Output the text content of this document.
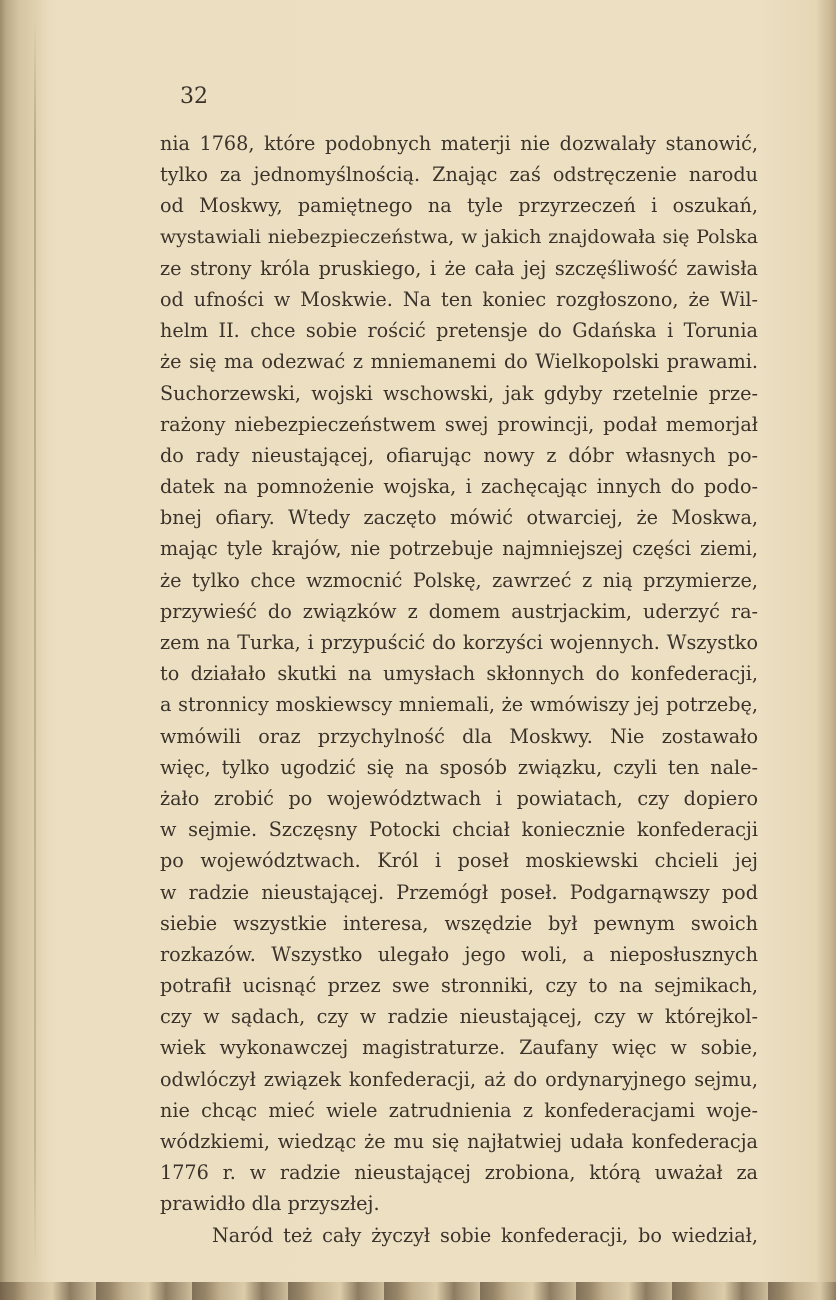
32
nia 1768, które podobnych materji nie dozwalały stanowić,
tylko za jednomyślnością. Znając zaś odstręczenie narodu
od Moskwy, pamiętnego na tyle przyrzeczeń i oszukań,
wystawiali niebezpieczeństwa, w jakich znajdowała się Polska
ze strony króla pruskiego, i że cała jej szczęśliwość zawisła
od ufności w Moskwie. Na ten koniec rozgłoszono, że Wil-
helm II. chce sobie rościć pretensje do Gdańska i Torunia
że się ma odezwać z mniemanemi do Wielkopolski prawami.
Suchorzewski, wojski wschowski, jak gdyby rzetelnie prze-
rażony niebezpieczeństwem swej prowincji, podał memorjał
do rady nieustającej, ofiarując nowy z dóbr własnych po-
datek na pomnożenie wojska, i zachęcając innych do podo-
bnej ofiary. Wtedy zaczęto mówić otwarciej, że Moskwa,
mając tyle krajów, nie potrzebuje najmniejszej części ziemi,
że tylko chce wzmocnić Polskę, zawrzeć z nią przymierze,
przywieść do związków z domem austrjackim, uderzyć ra-
zem na Turka, i przypuścić do korzyści wojennych. Wszystko
to działało skutki na umysłach skłonnych do konfederacji,
a stronnicy moskiewscy mniemali, że wmówiszy jej potrzebę,
wmówili oraz przychylność dla Moskwy. Nie zostawało
więc, tylko ugodzić się na sposób związku, czyli ten nale-
żało zrobić po województwach i powiatach, czy dopiero
w sejmie. Szczęsny Potocki chciał koniecznie konfederacji
po województwach. Król i poseł moskiewski chcieli jej
w radzie nieustającej. Przemógł poseł. Podgarnąwszy pod
siebie wszystkie interesa, wszędzie był pewnym swoich
rozkazów. Wszystko ulegało jego woli, a nieposłusznych
potrafił ucisnąć przez swe stronniki, czy to na sejmikach,
czy w sądach, czy w radzie nieustającej, czy w którejkol-
wiek wykonawczej magistraturze. Zaufany więc w sobie,
odwlóczył związek konfederacji, aż do ordynaryjnego sejmu,
nie chcąc mieć wiele zatrudnienia z konfederacjami woje-
wódzkiemi, wiedząc że mu się najłatwiej udała konfederacja
1776 r. w radzie nieustającej zrobiona, którą uważał za
prawidło dla przyszłej.
Naród też cały życzył sobie konfederacji, bo wiedział,
